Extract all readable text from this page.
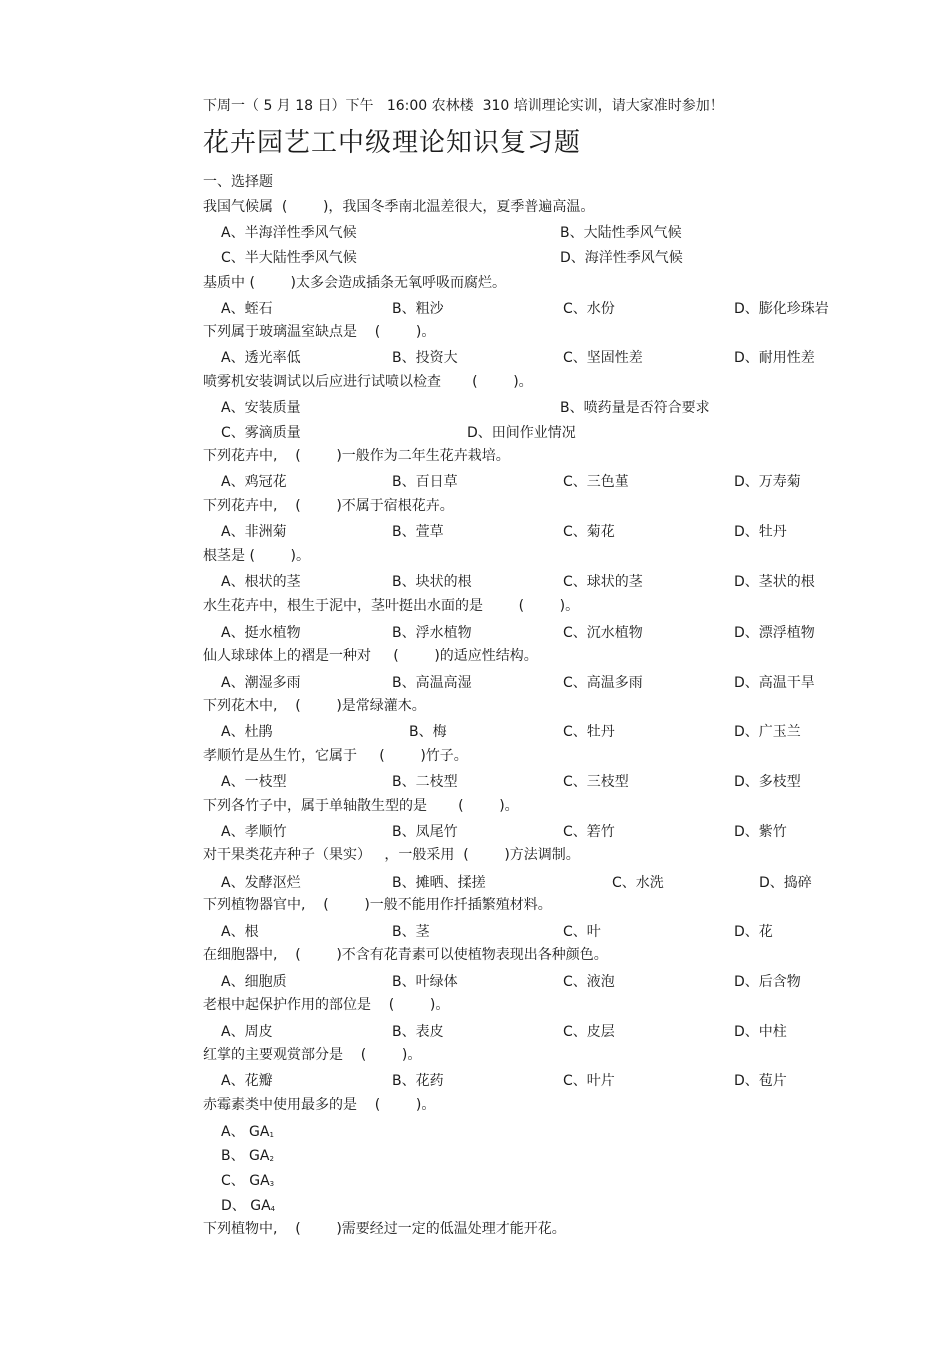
下周一（ 5 月 18 日）下午   16:00 农林楼  310 培训理论实训，请大家准时参加！
花卉园艺工中级理论知识复习题
一、选择题
我国气候属  (        )，我国冬季南北温差很大，夏季普遍高温。
A、半海洋性季风气候	B、大陆性季风气候
C、半大陆性季风气候	D、海洋性季风气候
基质中 (        )太多会造成插条无氧呼吸而腐烂。
A、蛭石	B、粗沙	C、水份	D、膨化珍珠岩
下列属于玻璃温室缺点是    (        )。
A、透光率低	B、投资大	C、坚固性差	D、耐用性差
喷雾机安装调试以后应进行试喷以检查       (        )。
A、安装质量	B、喷药量是否符合要求
C、雾滴质量	D、田间作业情况
下列花卉中,    (        )一般作为二年生花卉栽培。
A、鸡冠花	B、百日草	C、三色堇	D、万寿菊
下列花卉中,    (        )不属于宿根花卉。
A、非洲菊	B、萱草	C、菊花	D、牡丹
根茎是 (        )。
A、根状的茎	B、块状的根	C、球状的茎	D、茎状的根
水生花卉中，根生于泥中，茎叶挺出水面的是        (        )。
A、挺水植物	B、浮水植物	C、沉水植物	D、漂浮植物
仙人球球体上的褶是一种对     (        )的适应性结构。
A、潮湿多雨	B、高温高湿	C、高温多雨	D、高温干旱
下列花木中,    (        )是常绿灌木。
A、杜鹃	B、梅	C、牡丹	D、广玉兰
孝顺竹是丛生竹，它属于     (        )竹子。
A、一枝型	B、二枝型	C、三枝型	D、多枝型
下列各竹子中，属于单轴散生型的是       (        )。
A、孝顺竹	B、凤尾竹	C、箬竹	D、紫竹
对干果类花卉种子（果实）   ，一般采用  (        )方法调制。
A、发酵沤烂	B、摊晒、揉搓	C、水洗	D、捣碎
下列植物器官中,    (        )一般不能用作扦插繁殖材料。
A、根	B、茎	C、叶	D、花
在细胞器中,    (        )不含有花青素可以使植物表现出各种颜色。
A、细胞质	B、叶绿体	C、液泡	D、后含物
老根中起保护作用的部位是    (        )。
A、周皮	B、表皮	C、皮层	D、中柱
红掌的主要观赏部分是    (        )。
A、花瓣	B、花药	C、叶片	D、苞片
赤霉素类中使用最多的是    (        )。
A、 GA1
B、 GA2
C、 GA3
D、 GA4
下列植物中,    (        )需要经过一定的低温处理才能开花。
